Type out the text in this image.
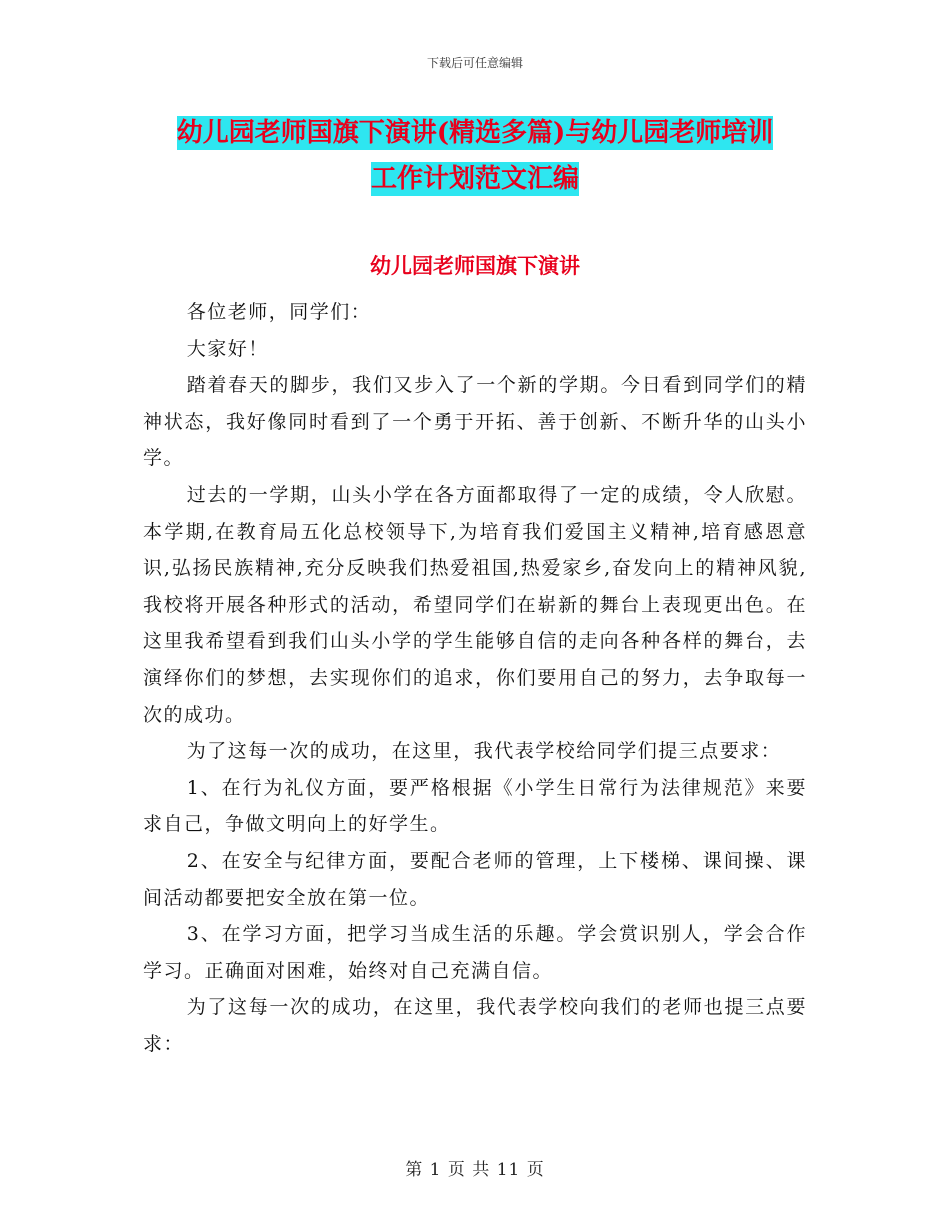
下载后可任意编辑
幼儿园老师国旗下演讲(精选多篇)与幼儿园老师培训
工作计划范文汇编
幼儿园老师国旗下演讲

各位老师，同学们：

大家好！

踏着春天的脚步，我们又步入了一个新的学期。今日看到同学们的精神状态，我好像同时看到了一个勇于开拓、善于创新、不断升华的山头小学。

过去的一学期，山头小学在各方面都取得了一定的成绩，令人欣慰。本学期,在教育局五化总校领导下,为培育我们爱国主义精神,培育感恩意识,弘扬民族精神,充分反映我们热爱祖国,热爱家乡,奋发向上的精神风貌,我校将开展各种形式的活动，希望同学们在崭新的舞台上表现更出色。在这里我希望看到我们山头小学的学生能够自信的走向各种各样的舞台，去演绎你们的梦想，去实现你们的追求，你们要用自己的努力，去争取每一次的成功。

为了这每一次的成功，在这里，我代表学校给同学们提三点要求：

1、在行为礼仪方面，要严格根据《小学生日常行为法律规范》来要求自己，争做文明向上的好学生。

2、在安全与纪律方面，要配合老师的管理，上下楼梯、课间操、课间活动都要把安全放在第一位。

3、在学习方面，把学习当成生活的乐趣。学会赏识别人，学会合作学习。正确面对困难，始终对自己充满自信。

为了这每一次的成功，在这里，我代表学校向我们的老师也提三点要求：

第 1 页 共 11 页
